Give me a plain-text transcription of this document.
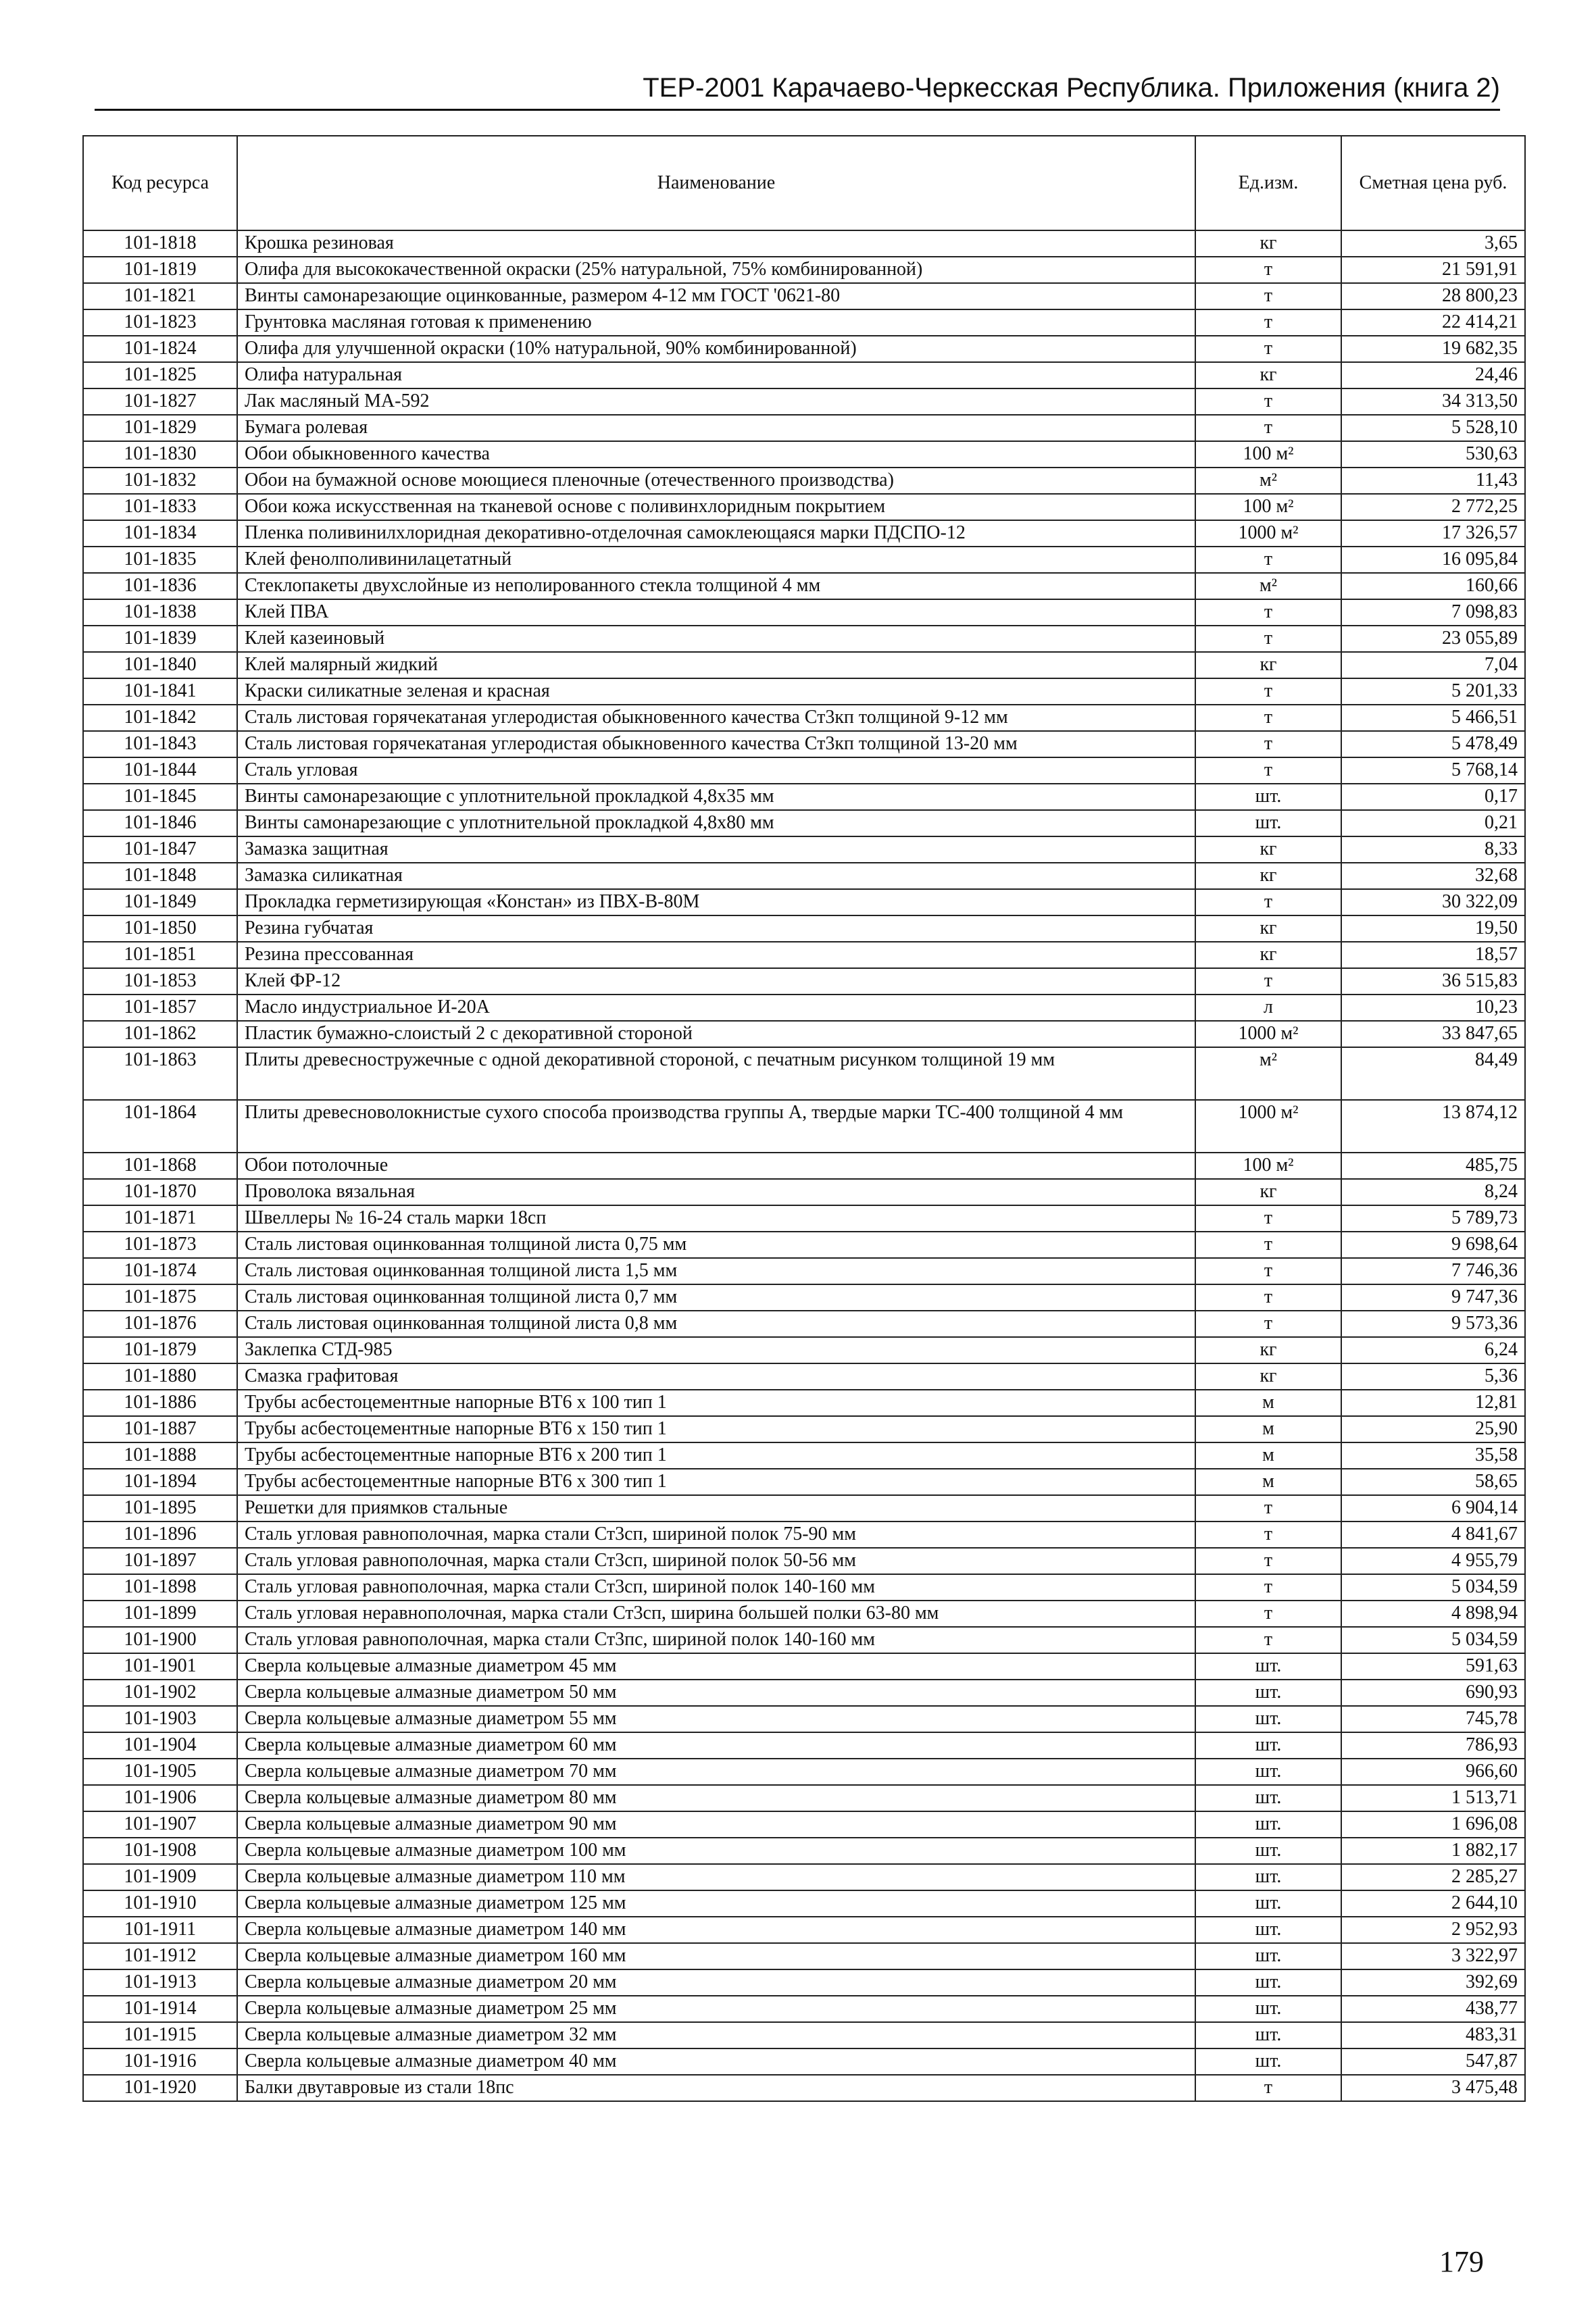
ТЕР-2001 Карачаево-Черкесская Республика. Приложения (книга 2)
Код ресурса	Наименование	Ед.изм.	Сметная цена руб.
101-1818	Крошка резиновая	кг	3,65
101-1819	Олифа для высококачественной окраски (25% натуральной, 75% комбинированной)	т	21 591,91
101-1821	Винты самонарезающие оцинкованные, размером 4-12 мм ГОСТ '0621-80	т	28 800,23
101-1823	Грунтовка масляная готовая к применению	т	22 414,21
101-1824	Олифа для улучшенной окраски (10% натуральной, 90% комбинированной)	т	19 682,35
101-1825	Олифа натуральная	кг	24,46
101-1827	Лак масляный МА-592	т	34 313,50
101-1829	Бумага ролевая	т	5 528,10
101-1830	Обои обыкновенного качества	100 м²	530,63
101-1832	Обои на бумажной основе моющиеся пленочные (отечественного производства)	м²	11,43
101-1833	Обои кожа искусственная на тканевой основе с поливинхлоридным покрытием	100 м²	2 772,25
101-1834	Пленка поливинилхлоридная декоративно-отделочная самоклеющаяся марки ПДСПО-12	1000 м²	17 326,57
101-1835	Клей фенолполивинилацетатный	т	16 095,84
101-1836	Стеклопакеты двухслойные из неполированного стекла толщиной 4 мм	м²	160,66
101-1838	Клей ПВА	т	7 098,83
101-1839	Клей казеиновый	т	23 055,89
101-1840	Клей малярный жидкий	кг	7,04
101-1841	Краски силикатные зеленая и красная	т	5 201,33
101-1842	Сталь листовая горячекатаная углеродистая обыкновенного качества Ст3кп толщиной 9-12 мм	т	5 466,51
101-1843	Сталь листовая горячекатаная углеродистая обыкновенного качества Ст3кп толщиной 13-20 мм	т	5 478,49
101-1844	Сталь угловая	т	5 768,14
101-1845	Винты самонарезающие с уплотнительной прокладкой 4,8x35 мм	шт.	0,17
101-1846	Винты самонарезающие с уплотнительной прокладкой 4,8x80 мм	шт.	0,21
101-1847	Замазка защитная	кг	8,33
101-1848	Замазка силикатная	кг	32,68
101-1849	Прокладка герметизирующая «Констан» из ПВХ-В-80М	т	30 322,09
101-1850	Резина губчатая	кг	19,50
101-1851	Резина прессованная	кг	18,57
101-1853	Клей ФР-12	т	36 515,83
101-1857	Масло индустриальное И-20А	л	10,23
101-1862	Пластик бумажно-слоистый 2 с декоративной стороной	1000 м²	33 847,65
101-1863	Плиты древесностружечные с одной декоративной стороной, с печатным рисунком толщиной 19 мм	м²	84,49
101-1864	Плиты древесноволокнистые сухого способа производства группы А, твердые марки ТС-400 толщиной 4 мм	1000 м²	13 874,12
101-1868	Обои потолочные	100 м²	485,75
101-1870	Проволока вязальная	кг	8,24
101-1871	Швеллеры № 16-24 сталь марки 18сп	т	5 789,73
101-1873	Сталь листовая оцинкованная толщиной листа 0,75 мм	т	9 698,64
101-1874	Сталь листовая оцинкованная толщиной листа 1,5 мм	т	7 746,36
101-1875	Сталь листовая оцинкованная толщиной листа 0,7 мм	т	9 747,36
101-1876	Сталь листовая оцинкованная толщиной листа 0,8 мм	т	9 573,36
101-1879	Заклепка СТД-985	кг	6,24
101-1880	Смазка графитовая	кг	5,36
101-1886	Трубы асбестоцементные напорные ВТ6 x 100 тип 1	м	12,81
101-1887	Трубы асбестоцементные напорные ВТ6 x 150 тип 1	м	25,90
101-1888	Трубы асбестоцементные напорные ВТ6 x 200 тип 1	м	35,58
101-1894	Трубы асбестоцементные напорные ВТ6 x 300 тип 1	м	58,65
101-1895	Решетки для приямков стальные	т	6 904,14
101-1896	Сталь угловая равнополочная, марка стали Ст3сп, шириной полок 75-90 мм	т	4 841,67
101-1897	Сталь угловая равнополочная, марка стали Ст3сп, шириной полок 50-56 мм	т	4 955,79
101-1898	Сталь угловая равнополочная, марка стали Ст3сп, шириной полок 140-160 мм	т	5 034,59
101-1899	Сталь угловая неравнополочная, марка стали Ст3сп, ширина большей полки 63-80 мм	т	4 898,94
101-1900	Сталь угловая равнополочная, марка стали Ст3пс, шириной полок 140-160 мм	т	5 034,59
101-1901	Сверла кольцевые алмазные диаметром 45 мм	шт.	591,63
101-1902	Сверла кольцевые алмазные диаметром 50 мм	шт.	690,93
101-1903	Сверла кольцевые алмазные диаметром 55 мм	шт.	745,78
101-1904	Сверла кольцевые алмазные диаметром 60 мм	шт.	786,93
101-1905	Сверла кольцевые алмазные диаметром 70 мм	шт.	966,60
101-1906	Сверла кольцевые алмазные диаметром 80 мм	шт.	1 513,71
101-1907	Сверла кольцевые алмазные диаметром 90 мм	шт.	1 696,08
101-1908	Сверла кольцевые алмазные диаметром 100 мм	шт.	1 882,17
101-1909	Сверла кольцевые алмазные диаметром 110 мм	шт.	2 285,27
101-1910	Сверла кольцевые алмазные диаметром 125 мм	шт.	2 644,10
101-1911	Сверла кольцевые алмазные диаметром 140 мм	шт.	2 952,93
101-1912	Сверла кольцевые алмазные диаметром 160 мм	шт.	3 322,97
101-1913	Сверла кольцевые алмазные диаметром 20 мм	шт.	392,69
101-1914	Сверла кольцевые алмазные диаметром 25 мм	шт.	438,77
101-1915	Сверла кольцевые алмазные диаметром 32 мм	шт.	483,31
101-1916	Сверла кольцевые алмазные диаметром 40 мм	шт.	547,87
101-1920	Балки двутавровые из стали 18пс	т	3 475,48
179
